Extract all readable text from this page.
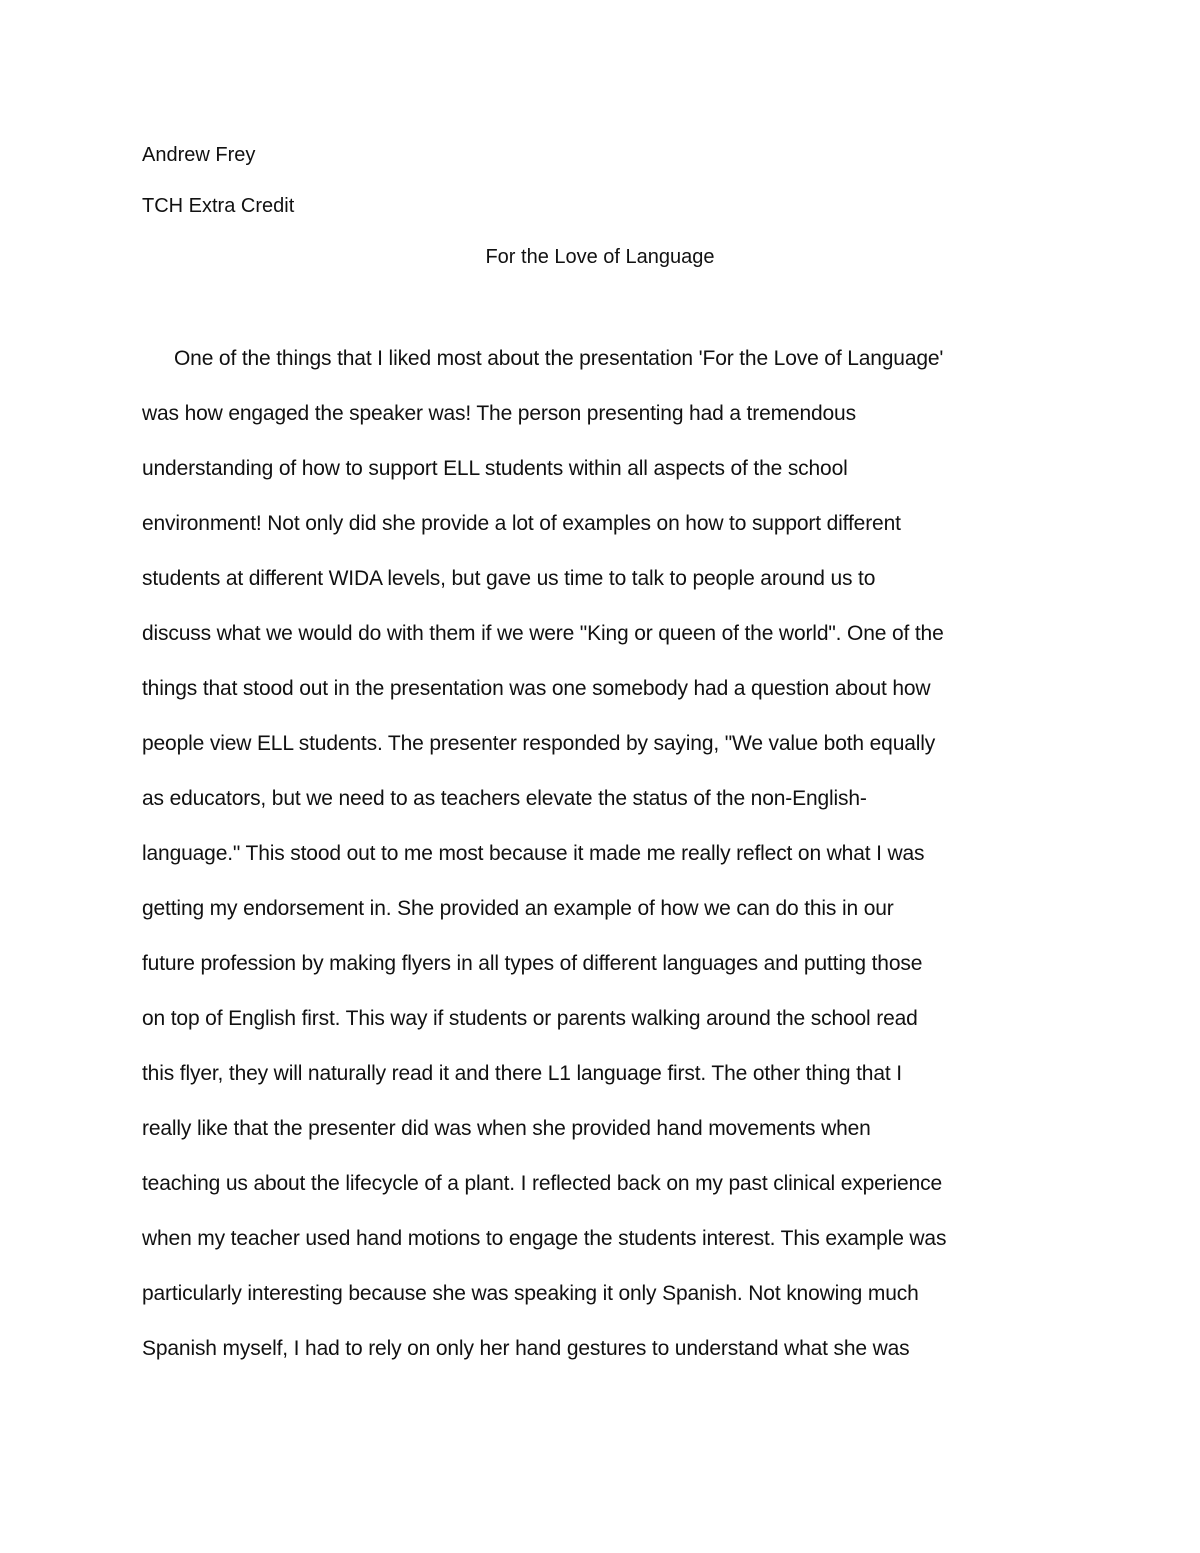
Andrew Frey
TCH Extra Credit
For the Love of Language
One of the things that I liked most about the presentation 'For the Love of Language'
was how engaged the speaker was! The person presenting had a tremendous
understanding of how to support ELL students within all aspects of the school
environment! Not only did she provide a lot of examples on how to support different
students at different WIDA levels, but gave us time to talk to people around us to
discuss what we would do with them if we were "King or queen of the world". One of the
things that stood out in the presentation was one somebody had a question about how
people view ELL students. The presenter responded by saying, "We value both equally
as educators, but we need to as teachers elevate the status of the non-English-
language." This stood out to me most because it made me really reflect on what I was
getting my endorsement in. She provided an example of how we can do this in our
future profession by making flyers in all types of different languages and putting those
on top of English first. This way if students or parents walking around the school read
this flyer, they will naturally read it and there L1 language first. The other thing that I
really like that the presenter did was when she provided hand movements when
teaching us about the lifecycle of a plant. I reflected back on my past clinical experience
when my teacher used hand motions to engage the students interest. This example was
particularly interesting because she was speaking it only Spanish. Not knowing much
Spanish myself, I had to rely on only her hand gestures to understand what she was
